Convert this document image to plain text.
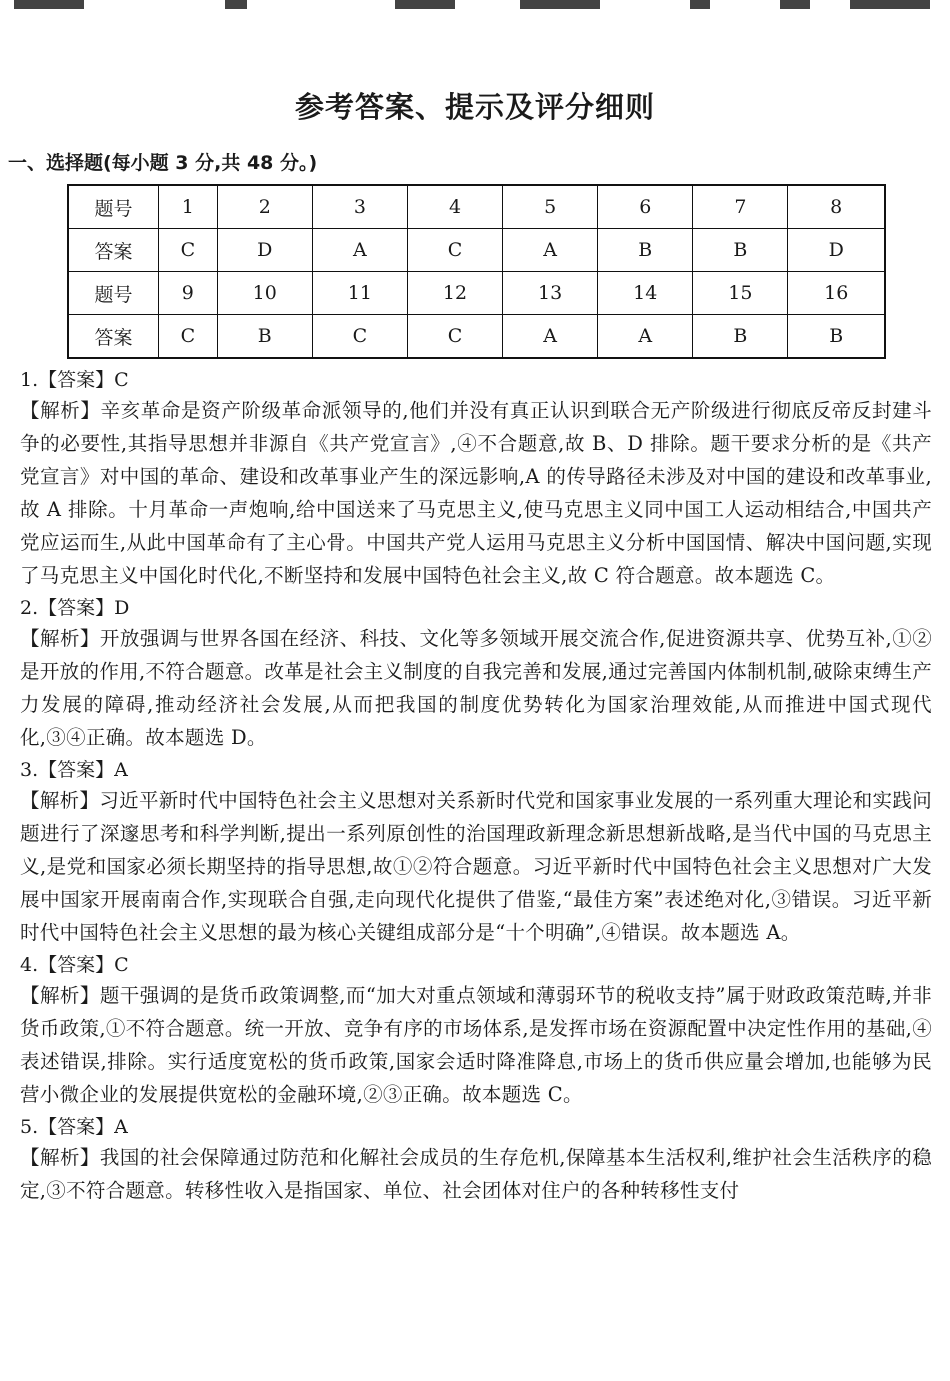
参考答案、提示及评分细则
一、选择题(每小题 3 分,共 48 分。)
题号	1	2	3	4	5	6	7	8
答案	C	D	A	C	A	B	B	D
题号	9	10	11	12	13	14	15	16
答案	C	B	C	C	A	A	B	B
1.【答案】C
【解析】辛亥革命是资产阶级革命派领导的,他们并没有真正认识到联合无产阶级进行彻底反帝反封建斗争的必要性,其指导思想并非源自《共产党宣言》,④不合题意,故 B、D 排除。题干要求分析的是《共产党宣言》对中国的革命、建设和改革事业产生的深远影响,A 的传导路径未涉及对中国的建设和改革事业,故 A 排除。十月革命一声炮响,给中国送来了马克思主义,使马克思主义同中国工人运动相结合,中国共产党应运而生,从此中国革命有了主心骨。中国共产党人运用马克思主义分析中国国情、解决中国问题,实现了马克思主义中国化时代化,不断坚持和发展中国特色社会主义,故 C 符合题意。故本题选 C。
2.【答案】D
【解析】开放强调与世界各国在经济、科技、文化等多领域开展交流合作,促进资源共享、优势互补,①②是开放的作用,不符合题意。改革是社会主义制度的自我完善和发展,通过完善国内体制机制,破除束缚生产力发展的障碍,推动经济社会发展,从而把我国的制度优势转化为国家治理效能,从而推进中国式现代化,③④正确。故本题选 D。
3.【答案】A
【解析】习近平新时代中国特色社会主义思想对关系新时代党和国家事业发展的一系列重大理论和实践问题进行了深邃思考和科学判断,提出一系列原创性的治国理政新理念新思想新战略,是当代中国的马克思主义,是党和国家必须长期坚持的指导思想,故①②符合题意。习近平新时代中国特色社会主义思想对广大发展中国家开展南南合作,实现联合自强,走向现代化提供了借鉴,“最佳方案”表述绝对化,③错误。习近平新时代中国特色社会主义思想的最为核心关键组成部分是“十个明确”,④错误。故本题选 A。
4.【答案】C
【解析】题干强调的是货币政策调整,而“加大对重点领域和薄弱环节的税收支持”属于财政政策范畴,并非货币政策,①不符合题意。统一开放、竞争有序的市场体系,是发挥市场在资源配置中决定性作用的基础,④表述错误,排除。实行适度宽松的货币政策,国家会适时降准降息,市场上的货币供应量会增加,也能够为民营小微企业的发展提供宽松的金融环境,②③正确。故本题选 C。
5.【答案】A
【解析】我国的社会保障通过防范和化解社会成员的生存危机,保障基本生活权利,维护社会生活秩序的稳定,③不符合题意。转移性收入是指国家、单位、社会团体对住户的各种转移性支付
